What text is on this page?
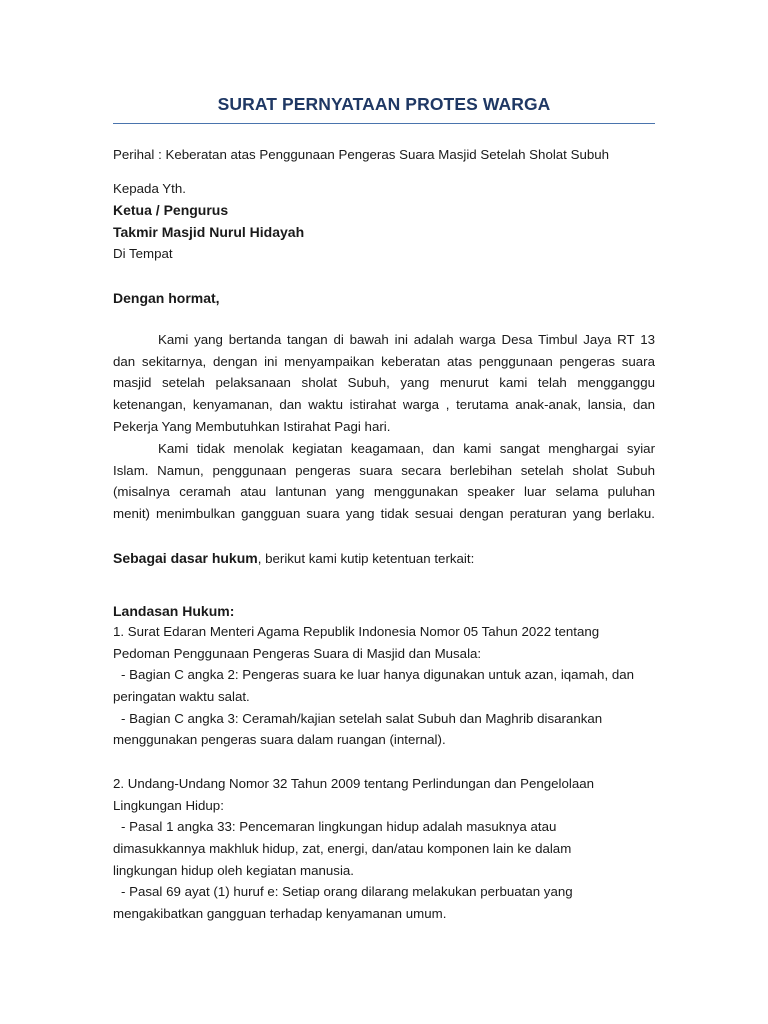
SURAT PERNYATAAN PROTES WARGA
Perihal : Keberatan atas Penggunaan Pengeras Suara Masjid Setelah Sholat Subuh
Kepada Yth.
Ketua / Pengurus
Takmir Masjid Nurul Hidayah
Di Tempat
Dengan hormat,
Kami yang bertanda tangan di bawah ini adalah warga Desa Timbul Jaya RT 13
dan sekitarnya, dengan ini menyampaikan keberatan atas penggunaan pengeras suara
masjid setelah pelaksanaan sholat Subuh, yang menurut kami telah mengganggu
ketenangan, kenyamanan, dan waktu istirahat warga , terutama anak-anak, lansia, dan
Pekerja Yang Membutuhkan Istirahat Pagi hari.
Kami tidak menolak kegiatan keagamaan, dan kami sangat menghargai syiar
Islam. Namun, penggunaan pengeras suara secara berlebihan setelah sholat Subuh
(misalnya ceramah atau lantunan yang menggunakan speaker luar selama puluhan
menit) menimbulkan gangguan suara yang tidak sesuai dengan peraturan yang berlaku.
Sebagai dasar hukum, berikut kami kutip ketentuan terkait:
Landasan Hukum:
1. Surat Edaran Menteri Agama Republik Indonesia Nomor 05 Tahun 2022 tentang
Pedoman Penggunaan Pengeras Suara di Masjid dan Musala:
- Bagian C angka 2: Pengeras suara ke luar hanya digunakan untuk azan, iqamah, dan
peringatan waktu salat.
- Bagian C angka 3: Ceramah/kajian setelah salat Subuh dan Maghrib disarankan
menggunakan pengeras suara dalam ruangan (internal).
2. Undang-Undang Nomor 32 Tahun 2009 tentang Perlindungan dan Pengelolaan
Lingkungan Hidup:
- Pasal 1 angka 33: Pencemaran lingkungan hidup adalah masuknya atau
dimasukkannya makhluk hidup, zat, energi, dan/atau komponen lain ke dalam
lingkungan hidup oleh kegiatan manusia.
- Pasal 69 ayat (1) huruf e: Setiap orang dilarang melakukan perbuatan yang
mengakibatkan gangguan terhadap kenyamanan umum.
